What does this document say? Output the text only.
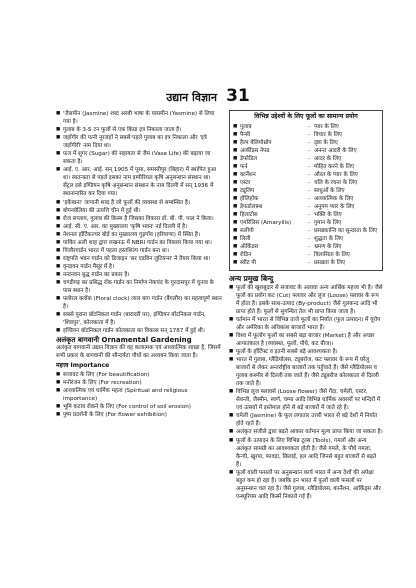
उद्यान विज्ञान 31
■ 'जैसमीन (Jasmine) शब्द अरबी भाषा के यासमीन (Yasmine) से लिया गया है।
■ गुलाब के 3-5 टन फूलों से एक किग्रा इत्र निकाला जाता है।
■ जहाँगीर की पत्नी नूरजहाँ ने सबसे पहले गुलाब का इत्र निकाला और 'इत्रे जहाँगीरी' नाम दिया था।
■ फल में शुगर (Sugar) की सहायता से जैम (Vase Life) की बढ़ाया जा सकता है।
■ आई. ए. आर. आई. सन् 1905 में पूसा, समस्तीपुर (बिहार) में स्थापित हुआ था। स्वतन्त्रता से पहले इसका नाम इम्पीरियल कृषि अनुसन्धान संस्थान था। सेंट्रल इसे इण्डियन कृषि अनुसन्धान संस्थान के नाम दिल्ली में सन् 1936 में स्थानान्तरित कर दिया गया।
■ 'इकेबाना' जापानी शब्द है जो फूलों की व्यवस्था से सम्बन्धित है।
■ बोगनवेलिया की उत्पत्ति चीन में हुई थी।
■ रोज सप्लाय, गुलाब की किस्म है जिसका विकास डॉ. बी. पी. पाल ने किया।
■ आई. सी. ए. आर. का मुख्यालय 'कृषि भवन' नई दिल्ली में है।
■ नेशनल हॉर्टिकल्चर बोर्ड का मुख्यालय गुड़गाँव (हरियाणा) में स्थित है।
■ पाकिंर अली शाह द्वारा लखनऊ में NBRI गार्डन का विकास किया गया था।
■ पिंजौरगार्डन भारत में पहला हस्तशिल्प गार्डन बना था।
■ राष्ट्रपति भवन गार्डन को डिजाइन 'सर एडविन लुटियन्स' ने तैयार किया था।
■ वृन्दावन गार्डन मैसूर में है।
■ नन्दनवन बुद्ध गार्डन का प्रकार है।
■ चण्डीगढ़ का प्रसिद्ध रॉक गार्डन का निर्माण नेकचंद के गुरदासपुर में चुनाव के पास स्थान है।
■ फ्लोरल क्लॉक (Floral clock) लाल बाग गार्डन (बैंगलौर) का महत्वपूर्ण स्थान है।
■ सबसे पुराना बॉटनिकल गार्डन (बारादरी पर), इण्डियन बॉटनिकल गार्डन, 'शिवपुर', कोलकाता में है।
■ इण्डियन बॉटनिकल गार्डन कोलकाता का विकास सन् 1787 में हुई थी।
अलंकृत बागवानी Ornamental Gardening

अलंकृत बागवानी उद्यान विज्ञान की वह कलात्मक एवं आध्यात्मिक शाखा है, जिसमें सभी प्रकार के बागवानी की सौन्दर्यता पौधों का अध्ययन किया जाता है।

महत्त्व Importance
■ सजावट के लिए (For beautification)
■ मनोरंजन के लिए (For recreation)
■ आध्यात्मिक एवं धार्मिक महत्व (Spiritual and religious importance)
■ भूमि कटाव रोकने के लिए (For control of soil erosion)
■ पुष्प प्रदर्शनी के लिए (For flower exhibition)
विभिन्न उद्देश्यों के लिए फूलों का सामान्य प्रयोग
■ गुलाब	-	प्यार के लिए
■ पैन्सी	-	विचार के लिए
■ हैल्प वेलियोथ्रोप	-	दृष्टा के लिए
■ आर्कीडस नेफ्ड	-	अनन्त आदरी के लिए
■ डेफोडिल	-	आदर के लिए
■ फर्न	-	मोहित करने के लिए
■ कार्नेशन	-	औरत के प्यार के लिए
■ एस्टर	-	चलि के रचना के लिए
■ ट्यूलिप	-	साधुओं के लिए
■ होलिहॉक	-	आध्यात्मिक के लिए
■ डेफडोलफ़्थ	-	अनुपम प्यार के लिए
■ हिलाटोस	-	भक्ति के लिए
■ एमरिलिस (Amaryllis)	-	गुमान के लिए
■ सलीपी	-	प्रसन्नकान्ति का सुन्दरता के लिए
■ लिली	-	शुद्धता के लिए
■ ऑर्किडस	-	भ्रमण के लिए
■ रोडिन	-	विलासिता के लिए
■ स्वीट पी	-	प्रसन्नता के लिए
अन्य प्रमुख बिन्दु
■ फूलों की खुशबूदार से सजावट के अलावा अन्य आर्थिक महत्त्व भी है। जैसे फूलों का प्रयोग कट (Cut) फ्लावर और लूज (Loose) फ्लावर के रूप में होता है। इसके साथ-उत्पाद (By-product) जैसे गुलकन्द आदि भी प्राप्त होते हैं। फूलों से सुगन्धित तेल भी प्राप्त किया जाता है।
■ वर्तमान में भारत से विभिन्न ताजे फूलों का निर्यात (फूल उत्पादन) में यूरोप और अमेरिका के अधिकांश बाजारों भारत हैं।
■ विश्व में फूलोंग फूलों का सबसे बड़ा बाजार (Market) है और अच्छा आपातकाल है (व्यवस्था, फूलों, पौधे, कट बीज)।
■ फूलों के हॉर्टिफ्ट व इतनी सबसे बड़े आवश्यकता है।
■ भारत में गुलाब, ग्लैडियोलस, ट्यूबरोज, कट फ्लावर के रूप में घरेलू बाजारों से लेकर अन्तर्राष्ट्रीय बाजारों तक पहुँचाते हैं। जैसे ग्लैडियोलस व गुलाब कश्मीर से दिल्ली तक जाते हैं। जैसे ट्यूबरोज कोलकाता से दिल्ली तक जाते हैं।
■ विभिन्न लूज फ्लावर्स (Loose flower) जैसे गेंदा, चमेली, एस्टर, सेवन्ती, जैस्मीन, स्वर्ण, चम्पा आदि विभिन्न धार्मिक अवसरों पर मन्दिरों में एवं उत्सवों में इस्तेमाल होने से बड़े बाजारों में जाते रहे हैं।
■ चमेली (Jasmine) के फूल लगातार उत्तरी भारत से बड़े देशों में निर्यात होते रहते हैं।
■ अलंकृत सजीले द्वारा बढ़ते आकार वर्तमान मूल्य प्राप्त किया जा सकता है।
■ फूलों के उत्पादन के लिए विभिन्न टूल्स (Tools), गमलों और अन्य अलंकृत सामग्री का आवश्यकता होती है। जैसे गमले, के पौधे गमला, कैन्ची, खुरपा, फावड़ा, छिलाई, हल आदि जिनसे बहुत बाजारों से बढ़ते हैं।
■ फूलों वाली फसलों पर अनुसन्धान कार्य भारत में अन्य देशों की अपेक्षा बहुत कम हो रहा है। जबकि इन भारत में फूलों वाली फसलों पर अनुसन्धान चल रहा है। जैसे गुलाब, ग्लैडियोलस, कार्नेशन, आर्किड्स और एन्थ्यूरियम आदि किस्में निकाले गई हैं।
